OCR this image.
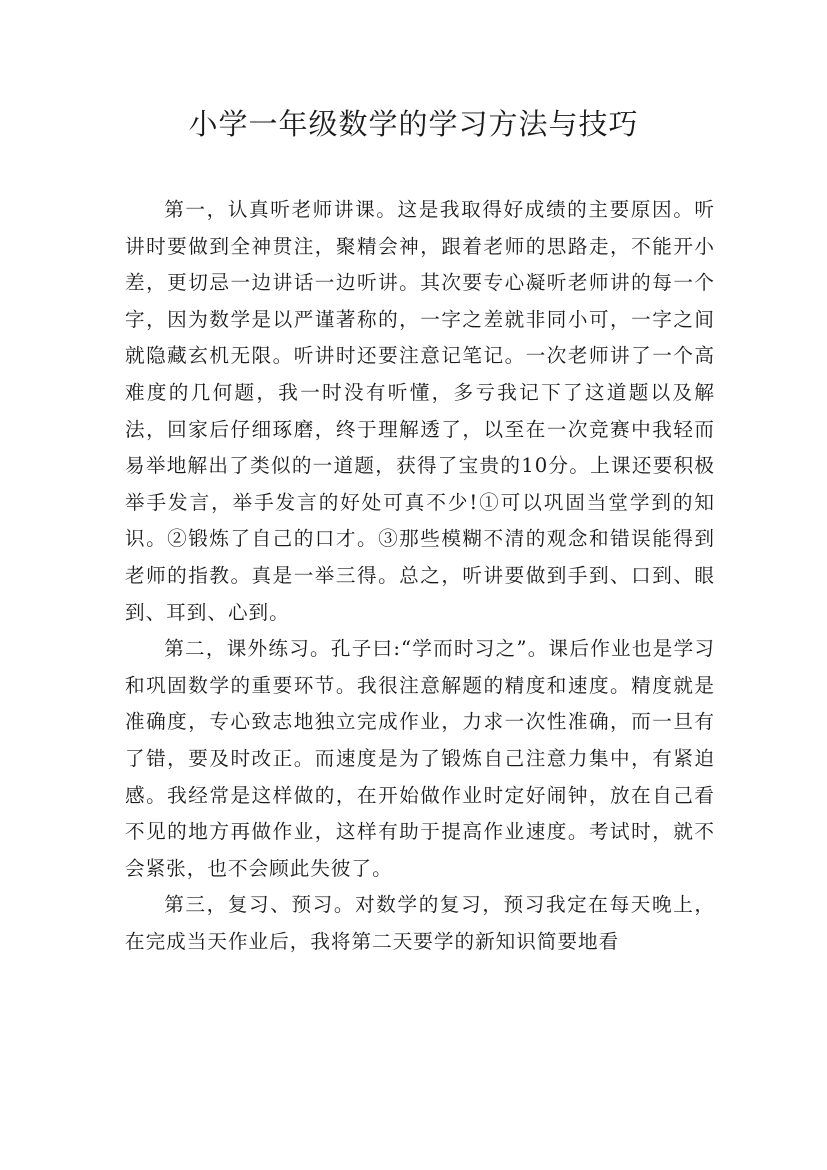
小学一年级数学的学习方法与技巧

第一，认真听老师讲课。这是我取得好成绩的主要原因。听讲时要做到全神贯注，聚精会神，跟着老师的思路走，不能开小差，更切忌一边讲话一边听讲。其次要专心凝听老师讲的每一个字，因为数学是以严谨著称的，一字之差就非同小可，一字之间就隐藏玄机无限。听讲时还要注意记笔记。一次老师讲了一个高难度的几何题，我一时没有听懂，多亏我记下了这道题以及解法，回家后仔细琢磨，终于理解透了，以至在一次竞赛中我轻而易举地解出了类似的一道题，获得了宝贵的10分。上课还要积极举手发言，举手发言的好处可真不少!①可以巩固当堂学到的知识。②锻炼了自己的口才。③那些模糊不清的观念和错误能得到老师的指教。真是一举三得。总之，听讲要做到手到、口到、眼到、耳到、心到。

第二，课外练习。孔子曰:“学而时习之”。课后作业也是学习和巩固数学的重要环节。我很注意解题的精度和速度。精度就是准确度，专心致志地独立完成作业，力求一次性准确，而一旦有了错，要及时改正。而速度是为了锻炼自己注意力集中，有紧迫感。我经常是这样做的，在开始做作业时定好闹钟，放在自己看不见的地方再做作业，这样有助于提高作业速度。考试时，就不会紧张，也不会顾此失彼了。

第三，复习、预习。对数学的复习，预习我定在每天晚上，在完成当天作业后，我将第二天要学的新知识简要地看
